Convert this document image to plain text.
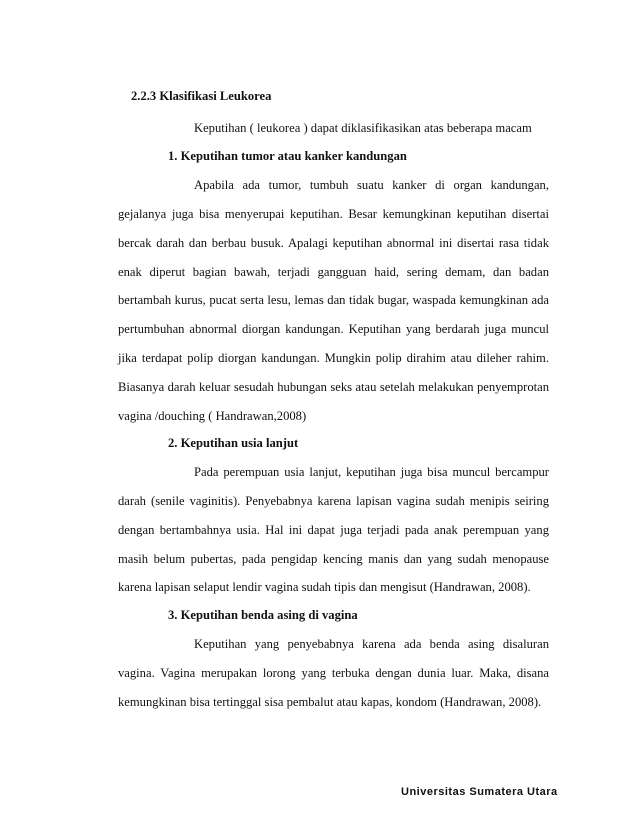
2.2.3 Klasifikasi Leukorea
Keputihan ( leukorea ) dapat diklasifikasikan atas beberapa macam
1. Keputihan tumor atau kanker kandungan
Apabila ada tumor, tumbuh suatu kanker di organ kandungan,
gejalanya juga bisa menyerupai keputihan. Besar kemungkinan keputihan disertai
bercak darah dan berbau busuk. Apalagi keputihan abnormal ini disertai rasa tidak
enak diperut bagian bawah, terjadi gangguan haid, sering demam, dan badan
bertambah kurus, pucat serta lesu, lemas dan tidak bugar, waspada kemungkinan ada
pertumbuhan abnormal diorgan kandungan. Keputihan yang berdarah juga muncul
jika terdapat polip diorgan kandungan. Mungkin polip dirahim atau dileher rahim.
Biasanya darah keluar sesudah hubungan seks atau setelah melakukan penyemprotan
vagina /douching ( Handrawan,2008)
2. Keputihan usia lanjut
Pada perempuan usia lanjut, keputihan juga bisa muncul bercampur
darah (senile vaginitis). Penyebabnya karena lapisan vagina sudah menipis seiring
dengan bertambahnya usia. Hal ini dapat juga terjadi pada anak perempuan yang
masih belum pubertas, pada pengidap kencing manis dan yang sudah menopause
karena lapisan selaput lendir vagina sudah tipis dan mengisut (Handrawan, 2008).
3. Keputihan benda asing di vagina
Keputihan yang penyebabnya karena ada benda asing disaluran
vagina. Vagina merupakan lorong yang terbuka dengan dunia luar. Maka, disana
kemungkinan bisa tertinggal sisa pembalut atau kapas, kondom (Handrawan, 2008).
Universitas Sumatera Utara
